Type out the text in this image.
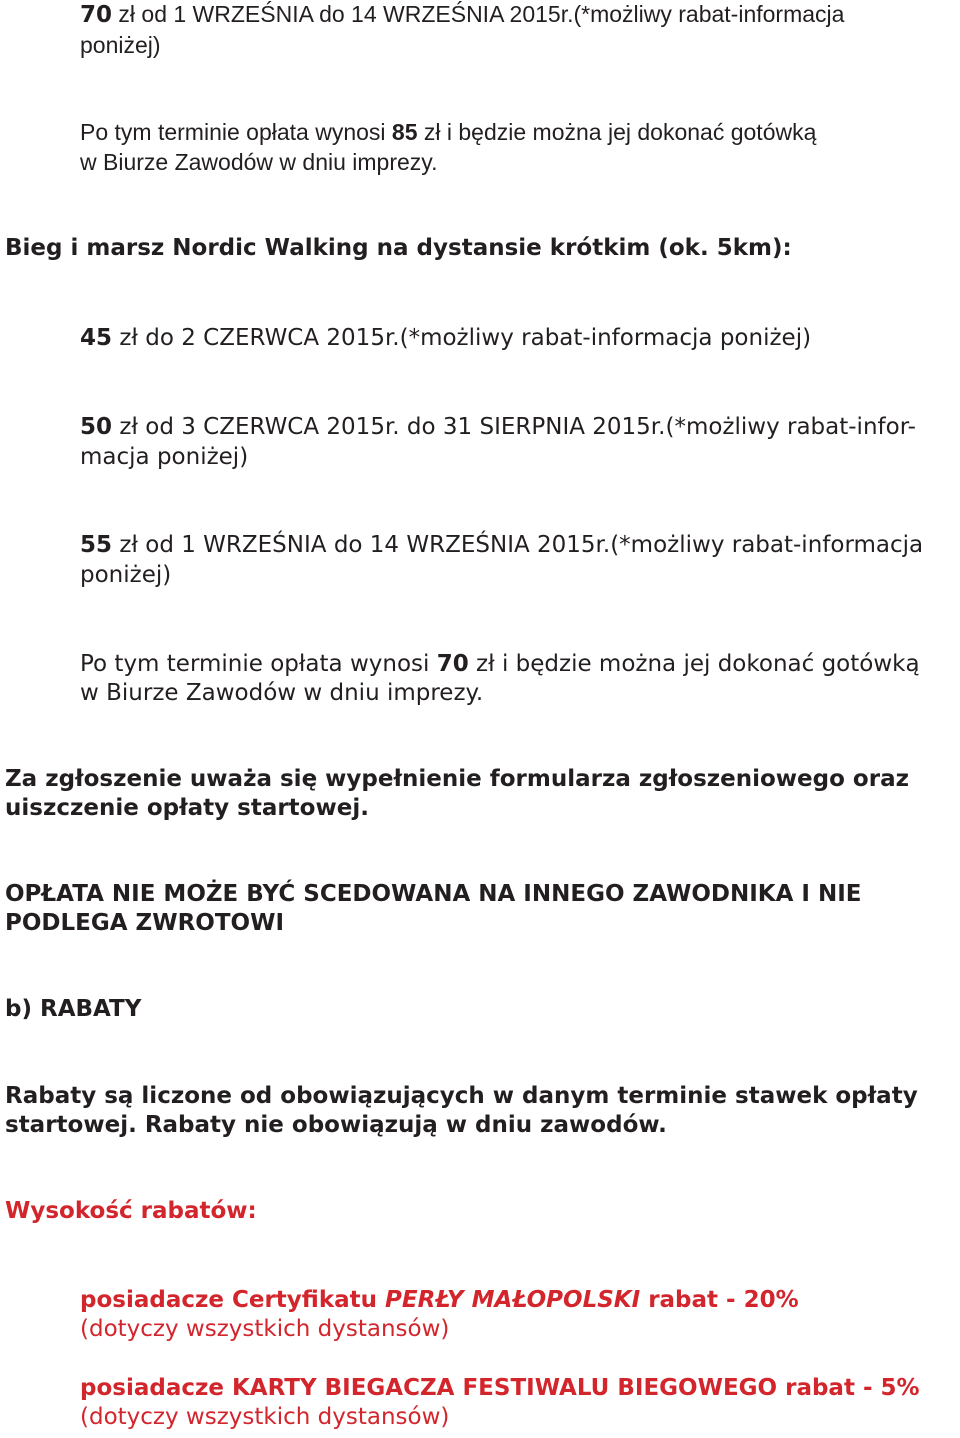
70 zł od 1 WRZEŚNIA do 14 WRZEŚNIA 2015r.(*możliwy rabat-informacja
poniżej)
Po tym terminie opłata wynosi 85 zł i będzie można jej dokonać gotówką
w Biurze Zawodów w dniu imprezy.
Bieg i marsz Nordic Walking na dystansie krótkim (ok. 5km):
45 zł do 2 CZERWCA 2015r.(*możliwy rabat-informacja poniżej)
50 zł od 3 CZERWCA 2015r. do 31 SIERPNIA 2015r.(*możliwy rabat-infor-
macja poniżej)
55 zł od 1 WRZEŚNIA do 14 WRZEŚNIA 2015r.(*możliwy rabat-informacja
poniżej)
Po tym terminie opłata wynosi 70 zł i będzie można jej dokonać gotówką
w Biurze Zawodów w dniu imprezy.
Za zgłoszenie uważa się wypełnienie formularza zgłoszeniowego oraz
uiszczenie opłaty startowej.
OPŁATA NIE MOŻE BYĆ SCEDOWANA NA INNEGO ZAWODNIKA I NIE
PODLEGA ZWROTOWI
b) RABATY
Rabaty są liczone od obowiązujących w danym terminie stawek opłaty
startowej. Rabaty nie obowiązują w dniu zawodów.
Wysokość rabatów:
posiadacze Certyfikatu PERŁY MAŁOPOLSKI rabat - 20%
(dotyczy wszystkich dystansów)
posiadacze KARTY BIEGACZA FESTIWALU BIEGOWEGO rabat - 5%
(dotyczy wszystkich dystansów)
